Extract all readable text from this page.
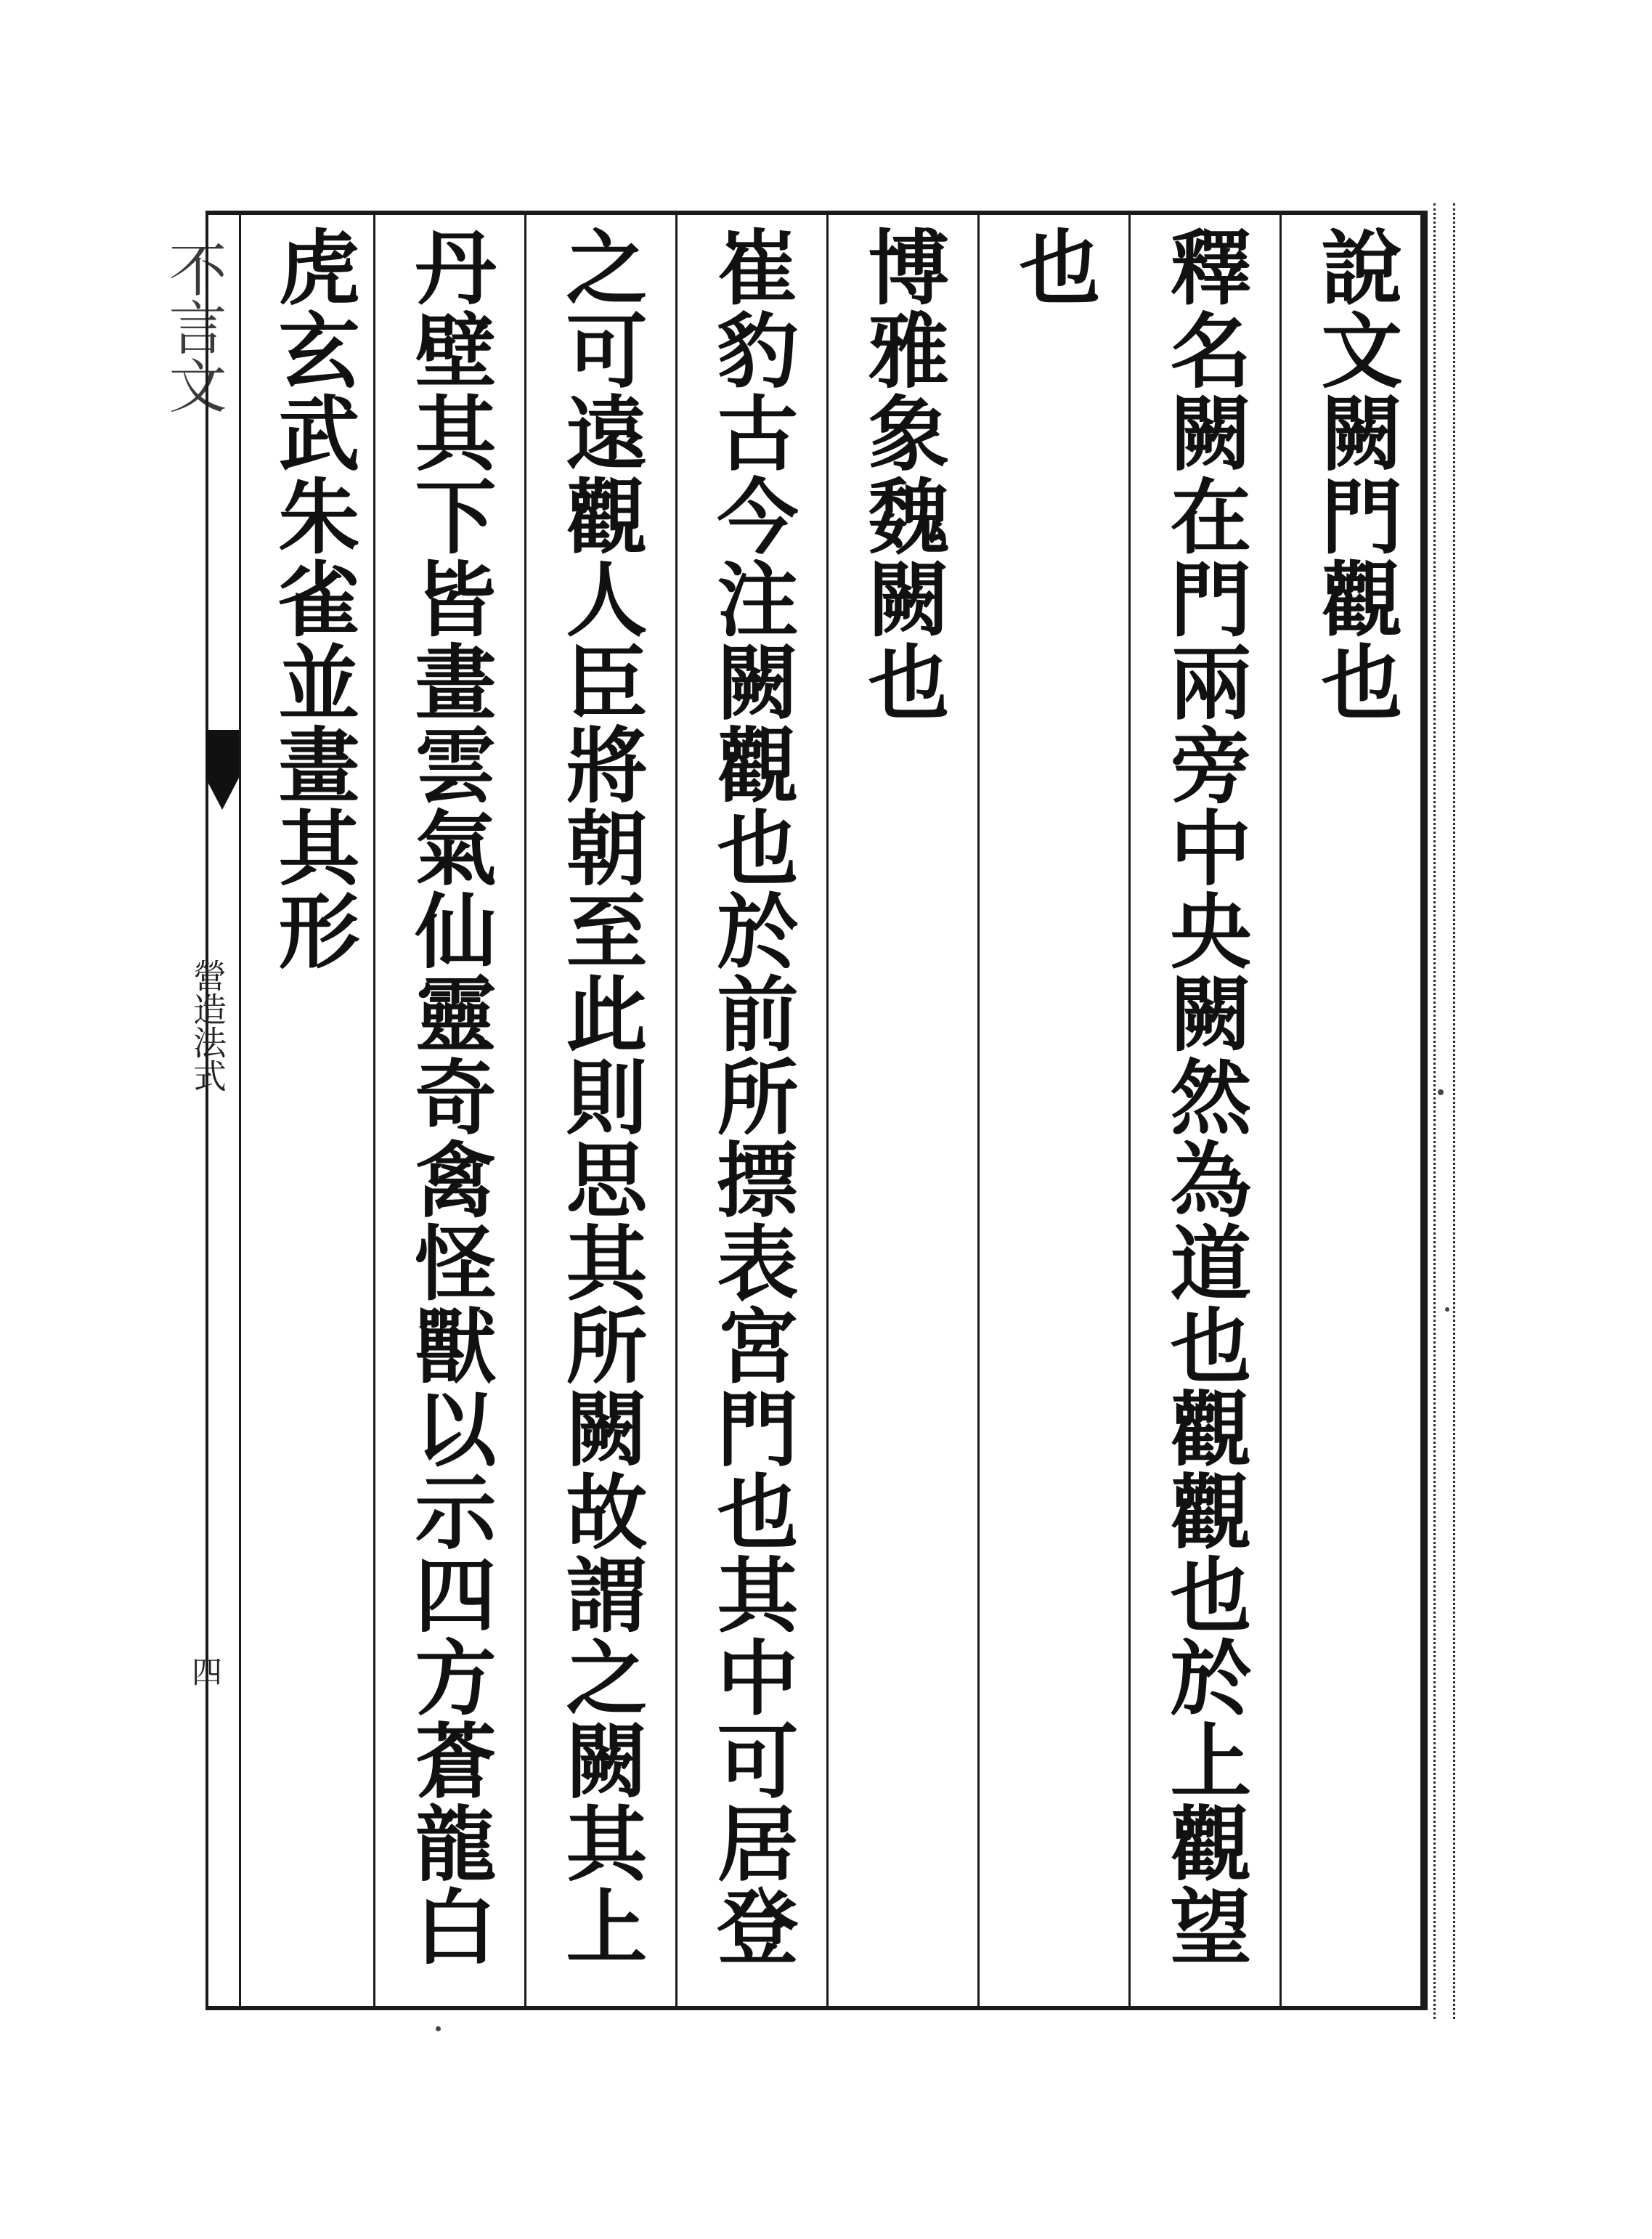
說文闕門觀也
釋名闕在門兩旁中央闕然為道也觀觀也於上觀望
也
博雅象魏闕也
崔豹古今注闕觀也於前所摽表宮門也其中可居登
之可遠觀人臣將朝至此則思其所闕故謂之闕其上
丹壁其下皆畫雲氣仙靈奇禽怪獸以示四方蒼龍白
虎玄武朱雀並畫其形
不言文
營造法式
四
